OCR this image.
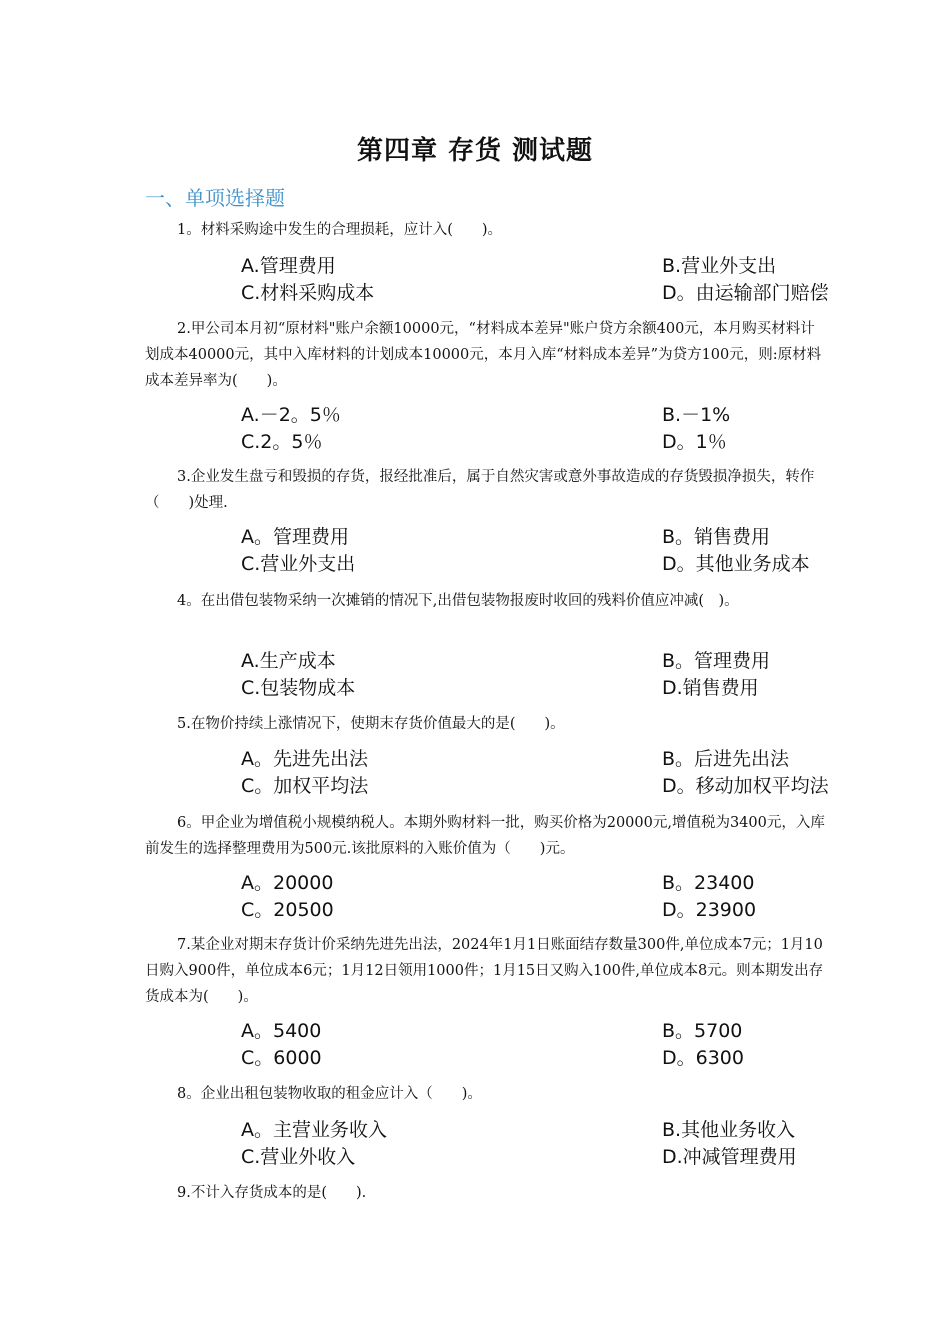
第四章 存货 测试题
一、单项选择题
1。材料采购途中发生的合理损耗，应计入(　　)。
A.管理费用	B.营业外支出
C.材料采购成本	D。由运输部门赔偿
2.甲公司本月初“原材料"账户余额10000元，“材料成本差异"账户贷方余额400元，本月购买材料计划成本40000元，其中入库材料的计划成本10000元，本月入库“材料成本差异”为贷方100元，则:原材料成本差异率为(　　)。
A.－2。5％	B.－1%
C.2。5％	D。1％
3.企业发生盘亏和毁损的存货，报经批准后，属于自然灾害或意外事故造成的存货毁损净损失，转作（　　)处理.
A。管理费用	B。销售费用
C.营业外支出	D。其他业务成本
4。在出借包装物采纳一次摊销的情况下,出借包装物报废时收回的残料价值应冲减(　)。
A.生产成本	B。管理费用
C.包装物成本	D.销售费用
5.在物价持续上涨情况下，使期末存货价值最大的是(　　)。
A。先进先出法	B。后进先出法
C。加权平均法	D。移动加权平均法
6。甲企业为增值税小规模纳税人。本期外购材料一批，购买价格为20000元,增值税为3400元，入库前发生的选择整理费用为500元.该批原料的入账价值为（　　)元。
A。20000	B。23400
C。20500	D。23900
7.某企业对期末存货计价采纳先进先出法，2024年1月1日账面结存数量300件,单位成本7元；1月10日购入900件，单位成本6元；1月12日领用1000件；1月15日又购入100件,单位成本8元。则本期发出存货成本为(　　)。
A。5400	B。5700
C。6000	D。6300
8。企业出租包装物收取的租金应计入（　　)。
A。主营业务收入	B.其他业务收入
C.营业外收入	D.冲减管理费用
9.不计入存货成本的是(　　).
